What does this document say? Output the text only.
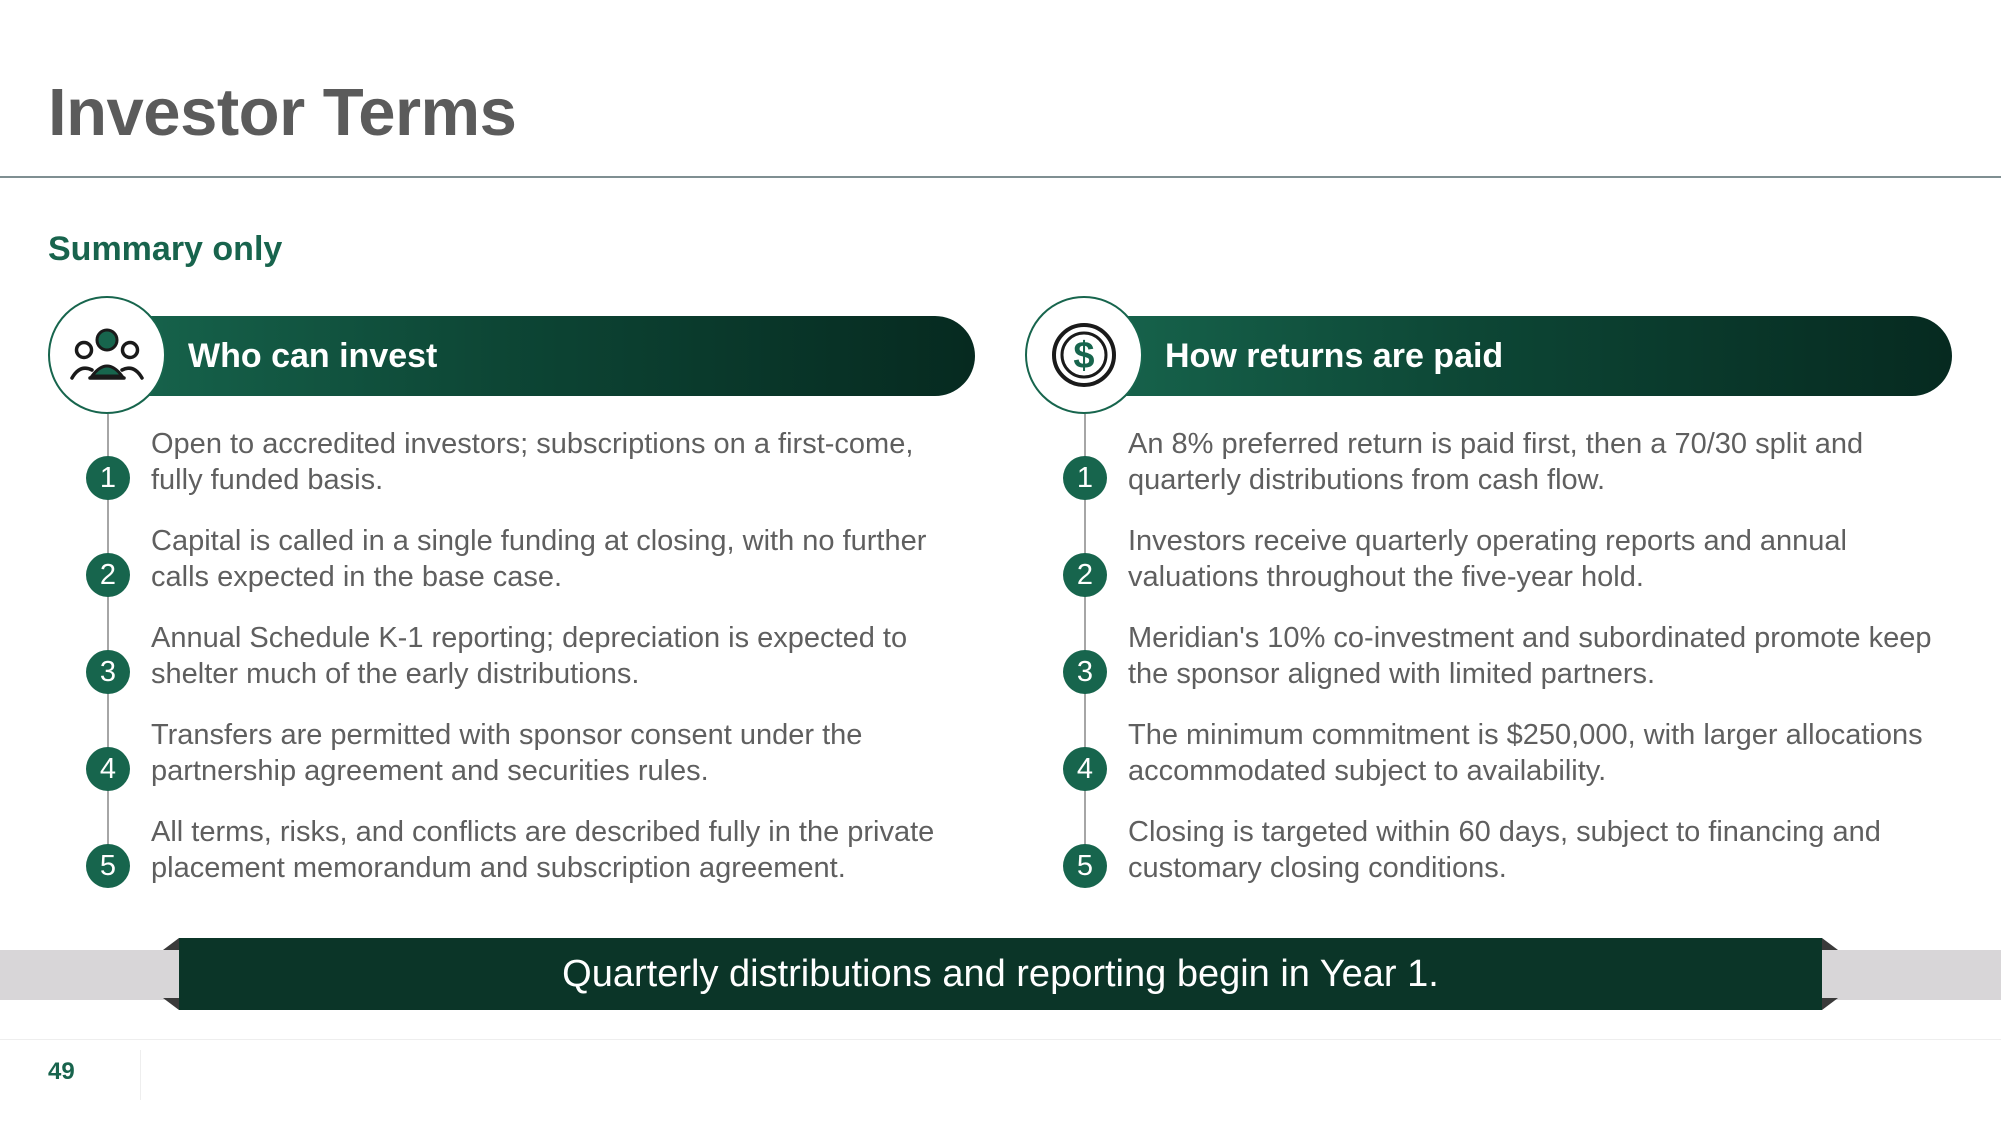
Investor Terms
Summary only
Who can invest
1
Open to accredited investors; subscriptions on a first-come, fully funded basis.
2
Capital is called in a single funding at closing, with no further calls expected in the base case.
3
Annual Schedule K-1 reporting; depreciation is expected to shelter much of the early distributions.
4
Transfers are permitted with sponsor consent under the partnership agreement and securities rules.
5
All terms, risks, and conflicts are described fully in the private placement memorandum and subscription agreement.
How returns are paid
$
1
An 8% preferred return is paid first, then a 70/30 split and quarterly distributions from cash flow.
2
Investors receive quarterly operating reports and annual valuations throughout the five-year hold.
3
Meridian's 10% co-investment and subordinated promote keep the sponsor aligned with limited partners.
4
The minimum commitment is $250,000, with larger allocations accommodated subject to availability.
5
Closing is targeted within 60 days, subject to financing and customary closing conditions.
Quarterly distributions and reporting begin in Year 1.
49
